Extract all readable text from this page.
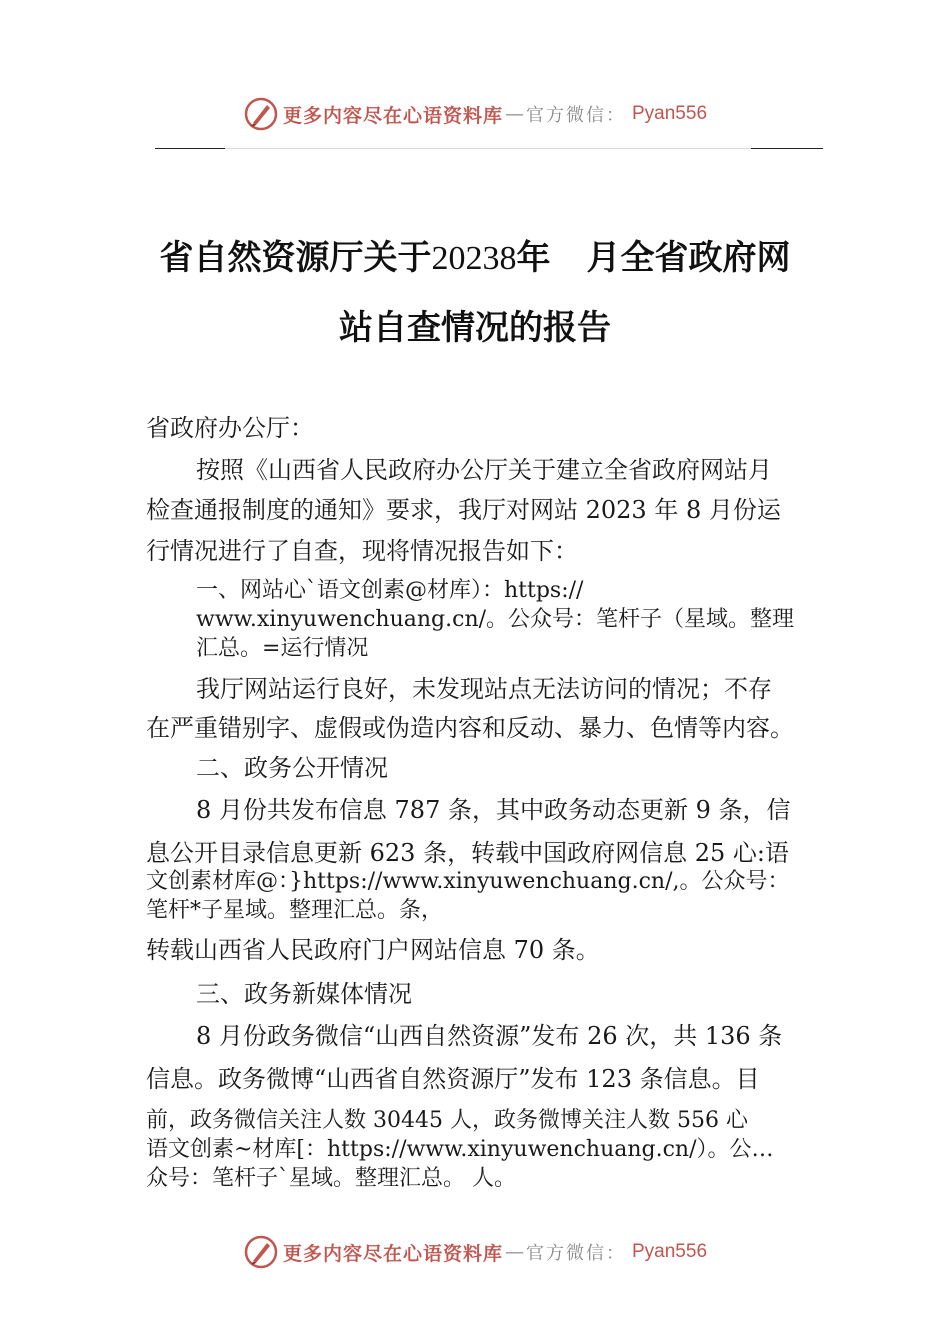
更多内容尽在心语资料库 — 官方微信： Pyan556
省自然资源厅关于20238年 月全省政府网
站自查情况的报告
省政府办公厅：
按照《山西省人民政府办公厅关于建立全省政府网站月
检查通报制度的通知》要求，我厅对网站 2023 年 8 月份运
行情况进行了自查，现将情况报告如下：
一、网站心`语文创素@材库）：https://
www.xinyuwenchuang.cn/。公众号：笔杆子（星域。整理
汇总。=运行情况
我厅网站运行良好，未发现站点无法访问的情况；不存
在严重错别字、虚假或伪造内容和反动、暴力、色情等内容。
二、政务公开情况
8 月份共发布信息 787 条，其中政务动态更新 9 条，信
息公开目录信息更新 623 条，转载中国政府网信息 25 心:语
文创素材库@：}https://www.xinyuwenchuang.cn/,。公众号：
笔杆*子星域。整理汇总。条，
转载山西省人民政府门户网站信息 70 条。
三、政务新媒体情况
8 月份政务微信“山西自然资源”发布 26 次，共 136 条
信息。政务微博“山西省自然资源厅”发布 123 条信息。目
前，政务微信关注人数 30445 人，政务微博关注人数 556 心
语文创素~材库[：https://www.xinyuwenchuang.cn/）。公…
众号：笔杆子`星域。整理汇总。 人。
更多内容尽在心语资料库 — 官方微信： Pyan556
